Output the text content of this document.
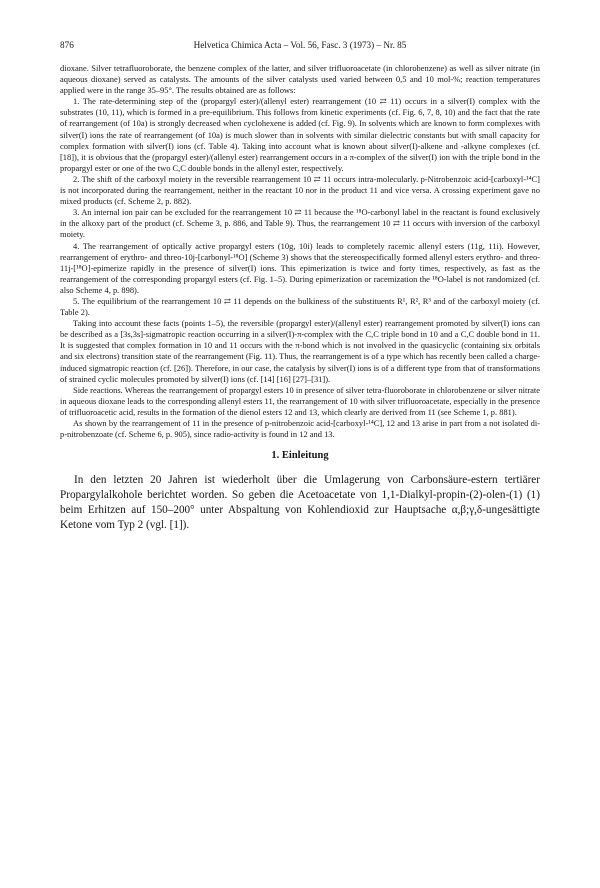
876	Helvetica Chimica Acta – Vol. 56, Fasc. 3 (1973) – Nr. 85

dioxane. Silver tetrafluoroborate, the benzene complex of the latter, and silver trifluoroacetate (in chlorobenzene) as well as silver nitrate (in aqueous dioxane) served as catalysts. The amounts of the silver catalysts used varied between 0,5 and 10 mol-%; reaction temperatures applied were in the range 35–95°. The results obtained are as follows:

1. The rate-determining step of the (propargyl ester)/(allenyl ester) rearrangement (10 ⇄ 11) occurs in a silver(I) complex with the substrates (10, 11), which is formed in a pre-equilibrium. This follows from kinetic experiments (cf. Fig. 6, 7, 8, 10) and the fact that the rate of rearrangement (of 10a) is strongly decreased when cyclohexene is added (cf. Fig. 9). In solvents which are known to form complexes with silver(I) ions the rate of rearrangement (of 10a) is much slower than in solvents with similar dielectric constants but with small capacity for complex formation with silver(I) ions (cf. Table 4). Taking into account what is known about silver(I)-alkene and -alkyne complexes (cf. [18]), it is obvious that the (propargyl ester)/(allenyl ester) rearrangement occurs in a π-complex of the silver(I) ion with the triple bond in the propargyl ester or one of the two C,C double bonds in the allenyl ester, respectively.

2. The shift of the carboxyl moiety in the reversible rearrangement 10 ⇄ 11 occurs intra-molecularly. p-Nitrobenzoic acid-[carboxyl-¹⁴C] is not incorporated during the rearrangement, neither in the reactant 10 nor in the product 11 and vice versa. A crossing experiment gave no mixed products (cf. Scheme 2, p. 882).

3. An internal ion pair can be excluded for the rearrangement 10 ⇄ 11 because the ¹⁸O-carbonyl label in the reactant is found exclusively in the alkoxy part of the product (cf. Scheme 3, p. 886, and Table 9). Thus, the rearrangement 10 ⇄ 11 occurs with inversion of the carboxyl moiety.

4. The rearrangement of optically active propargyl esters (10g, 10i) leads to completely racemic allenyl esters (11g, 11i). However, rearrangement of erythro- and threo-10j-[carbonyl-¹⁸O] (Scheme 3) shows that the stereospecifically formed allenyl esters erythro- and threo-11j-[¹⁸O]-epimerize rapidly in the presence of silver(I) ions. This epimerization is twice and forty times, respectively, as fast as the rearrangement of the corresponding propargyl esters (cf. Fig. 1–5). During epimerization or racemization the ¹⁸O-label is not randomized (cf. also Scheme 4, p. 898).

5. The equilibrium of the rearrangement 10 ⇄ 11 depends on the bulkiness of the substituents R¹, R², R³ and of the carboxyl moiety (cf. Table 2).

Taking into account these facts (points 1–5), the reversible (propargyl ester)/(allenyl ester) rearrangement promoted by silver(I) ions can be described as a [3s,3s]-sigmatropic reaction occurring in a silver(I)-π-complex with the C,C triple bond in 10 and a C,C double bond in 11. It is suggested that complex formation in 10 and 11 occurs with the π-bond which is not involved in the quasicyclic (containing six orbitals and six electrons) transition state of the rearrangement (Fig. 11). Thus, the rearrangement is of a type which has recently been called a charge-induced sigmatropic reaction (cf. [26]). Therefore, in our case, the catalysis by silver(I) ions is of a different type from that of transformations of strained cyclic molecules promoted by silver(I) ions (cf. [14] [16] [27]–[31]).

Side reactions. Whereas the rearrangement of propargyl esters 10 in presence of silver tetra-fluoroborate in chlorobenzene or silver nitrate in aqueous dioxane leads to the corresponding allenyl esters 11, the rearrangement of 10 with silver trifluoroacetate, especially in the presence of trifluoroacetic acid, results in the formation of the dienol esters 12 and 13, which clearly are derived from 11 (see Scheme 1, p. 881).

As shown by the rearrangement of 11 in the presence of p-nitrobenzoic acid-[carboxyl-¹⁴C], 12 and 13 arise in part from a not isolated di-p-nitrobenzoate (cf. Scheme 6, p. 905), since radio-activity is found in 12 and 13.

1. Einleitung

In den letzten 20 Jahren ist wiederholt über die Umlagerung von Carbonsäure-estern tertiärer Propargylalkohole berichtet worden. So geben die Acetoacetate von 1,1-Dialkyl-propin-(2)-olen-(1) (1) beim Erhitzen auf 150–200° unter Abspaltung von Kohlendioxid zur Hauptsache α,β;γ,δ-ungesättigte Ketone vom Typ 2 (vgl. [1]).
